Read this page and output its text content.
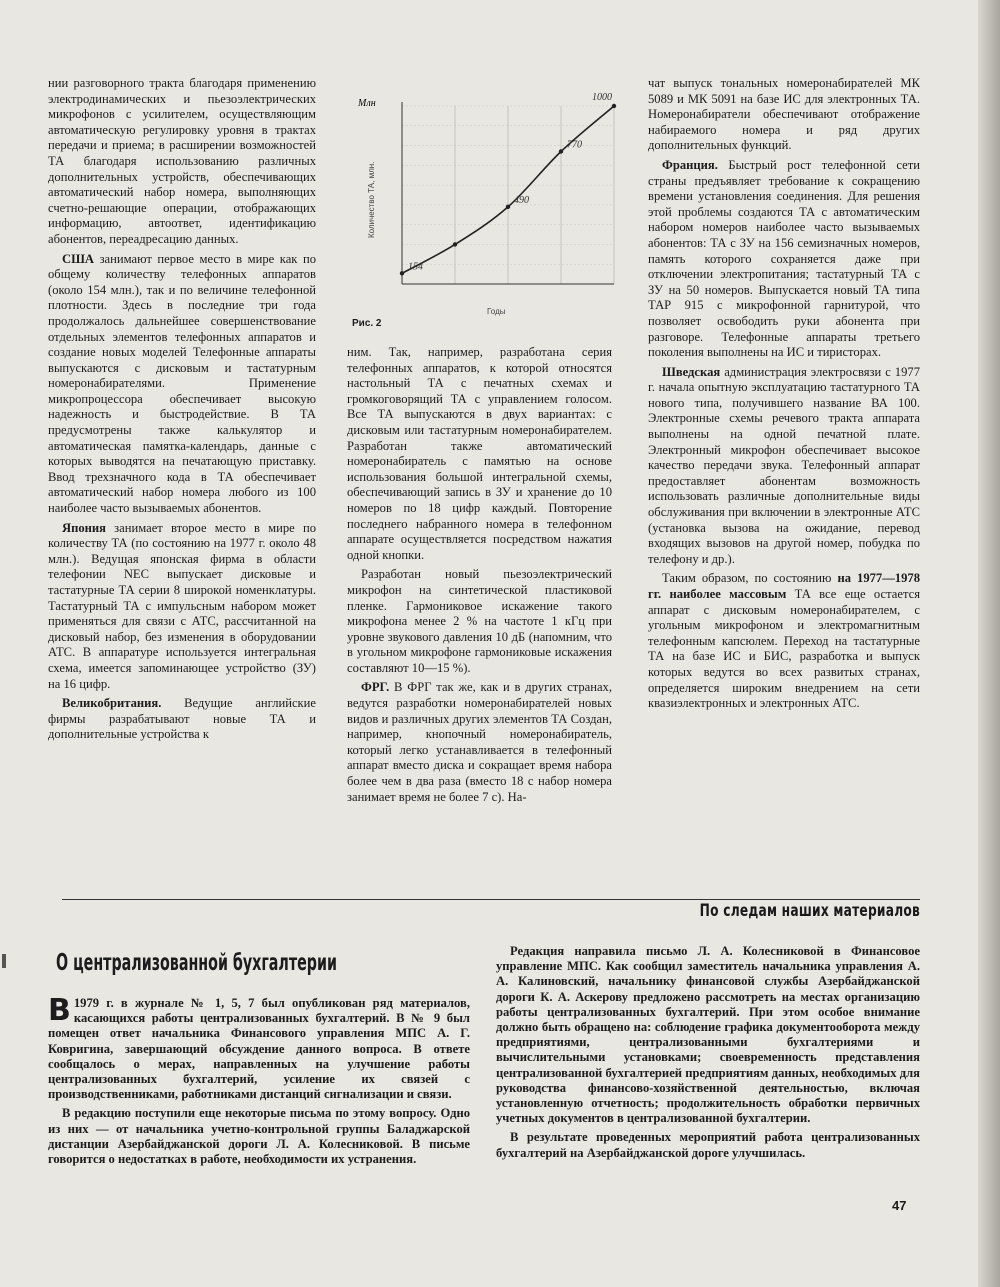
нии разговорного тракта благодаря применению электродинамических и пьезоэлектрических микрофонов с усилителем, осуществляющим автоматическую регулировку уровня в трактах передачи и приема; в расширении возможностей ТА благодаря использованию различных дополнительных устройств, обеспечивающих автоматический набор номера, выполняющих счетно-решающие операции, отображающих информацию, автоответ, идентификацию абонентов, переадресацию данных.

США занимают первое место в мире как по общему количеству телефонных аппаратов (около 154 млн.), так и по величине телефонной плотности. Здесь в последние три года продолжалось дальнейшее совершенствование отдельных элементов телефонных аппаратов и создание новых моделей Телефонные аппараты выпускаются с дисковым и тастатурным номеронабирателями. Применение микропроцессора обеспечивает высокую надежность и быстродействие. В ТА предусмотрены также калькулятор и автоматическая памятка-календарь, данные с которых выводятся на печатающую приставку. Ввод трехзначного кода в ТА обеспечивает автоматический набор номера любого из 100 наиболее часто вызываемых абонентов.

Япония занимает второе место в мире по количеству ТА (по состоянию на 1977 г. около 48 млн.). Ведущая японская фирма в области телефонии NEC выпускает дисковые и тастатурные ТА серии 8 широкой номенклатуры. Тастатурный ТА с импульсным набором может применяться для связи с АТС, рассчитанной на дисковый набор, без изменения в оборудовании АТС. В аппаратуре используется интегральная схема, имеется запоминающее устройство (ЗУ) на 16 цифр.

Великобритания. Ведущие английские фирмы разрабатывают новые ТА и дополнительные устройства к

154
490
770
1000
Млн
Количество ТА, млн.
Годы
Рис. 2

ним. Так, например, разработана серия телефонных аппаратов, к которой относятся настольный ТА с печатных схемах и громкоговорящий ТА с управлением голосом. Все ТА выпускаются в двух вариантах: с дисковым или тастатурным номеронабирателем. Разработан также автоматический номеронабиратель с памятью на основе использования большой интегральной схемы, обеспечивающий запись в ЗУ и хранение до 10 номеров по 18 цифр каждый. Повторение последнего набранного номера в телефонном аппарате осуществляется посредством нажатия одной кнопки.

Разработан новый пьезоэлектрический микрофон на синтетической пластиковой пленке. Гармониковое искажение такого микрофона менее 2 % на частоте 1 кГц при уровне звукового давления 10 дБ (напомним, что в угольном микрофоне гармониковые искажения составляют 10—15 %).

ФРГ. В ФРГ так же, как и в других странах, ведутся разработки номеронабирателей новых видов и различных других элементов ТА Создан, например, кнопочный номеронабиратель, который легко устанавливается в телефонный аппарат вместо диска и сокращает время набора более чем в два раза (вместо 18 с набор номера занимает время не более 7 с). На-

чат выпуск тональных номеронабирателей МК 5089 и МК 5091 на базе ИС для электронных ТА. Номеронабиратели обеспечивают отображение набираемого номера и ряд других дополнительных функций.

Франция. Быстрый рост телефонной сети страны предъявляет требование к сокращению времени установления соединения. Для решения этой проблемы создаются ТА с автоматическим набором номеров наиболее часто вызываемых абонентов: ТА с ЗУ на 156 семизначных номеров, память которого сохраняется даже при отключении электропитания; тастатурный ТА с ЗУ на 50 номеров. Выпускается новый ТА типа ТАР 915 с микрофонной гарнитурой, что позволяет освободить руки абонента при разговоре. Телефонные аппараты третьего поколения выполнены на ИС и тиристорах.

Шведская администрация электросвязи с 1977 г. начала опытную эксплуатацию тастатурного ТА нового типа, получившего название ВА 100. Электронные схемы речевого тракта аппарата выполнены на одной печатной плате. Электронный микрофон обеспечивает высокое качество передачи звука. Телефонный аппарат предоставляет абонентам возможность использовать различные дополнительные виды обслуживания при включении в электронные АТС (установка вызова на ожидание, перевод входящих вызовов на другой номер, побудка по телефону и др.).

Таким образом, по состоянию на 1977—1978 гг. наиболее массовым ТА все еще остается аппарат с дисковым номеронабирателем, с угольным микрофоном и электромагнитным телефонным капсюлем. Переход на тастатурные ТА на базе ИС и БИС, разработка и выпуск которых ведутся во всех развитых странах, определяется широким внедрением на сети квазиэлектронных и электронных АТС.

По следам наших материалов
О централизованной бухгалтерии

В 1979 г. в журнале № 1, 5, 7 был опубликован ряд материалов, касающихся работы централизованных бухгалтерий. В № 9 был помещен ответ начальника Финансового управления МПС А. Г. Ковригина, завершающий обсуждение данного вопроса. В ответе сообщалось о мерах, направленных на улучшение работы централизованных бухгалтерий, усиление их связей с производственниками, работниками дистанций сигнализации и связи.

В редакцию поступили еще некоторые письма по этому вопросу. Одно из них — от начальника учетно-контрольной группы Баладжарской дистанции Азербайджанской дороги Л. А. Колесниковой. В письме говорится о недостатках в работе, необходимости их устранения.

Редакция направила письмо Л. А. Колесниковой в Финансовое управление МПС. Как сообщил заместитель начальника управления А. А. Калиновский, начальнику финансовой службы Азербайджанской дороги К. А. Аскерову предложено рассмотреть на местах организацию работы централизованных бухгалтерий. При этом особое внимание должно быть обращено на: соблюдение графика документооборота между предприятиями, централизованными бухгалтериями и вычислительными установками; своевременность представления централизованной бухгалтерией предприятиям данных, необходимых для руководства финансово-хозяйственной деятельностью, включая установленную отчетность; продолжительность обработки первичных учетных документов в централизованной бухгалтерии.

В результате проведенных мероприятий работа централизованных бухгалтерий на Азербайджанской дороге улучшилась.

47
